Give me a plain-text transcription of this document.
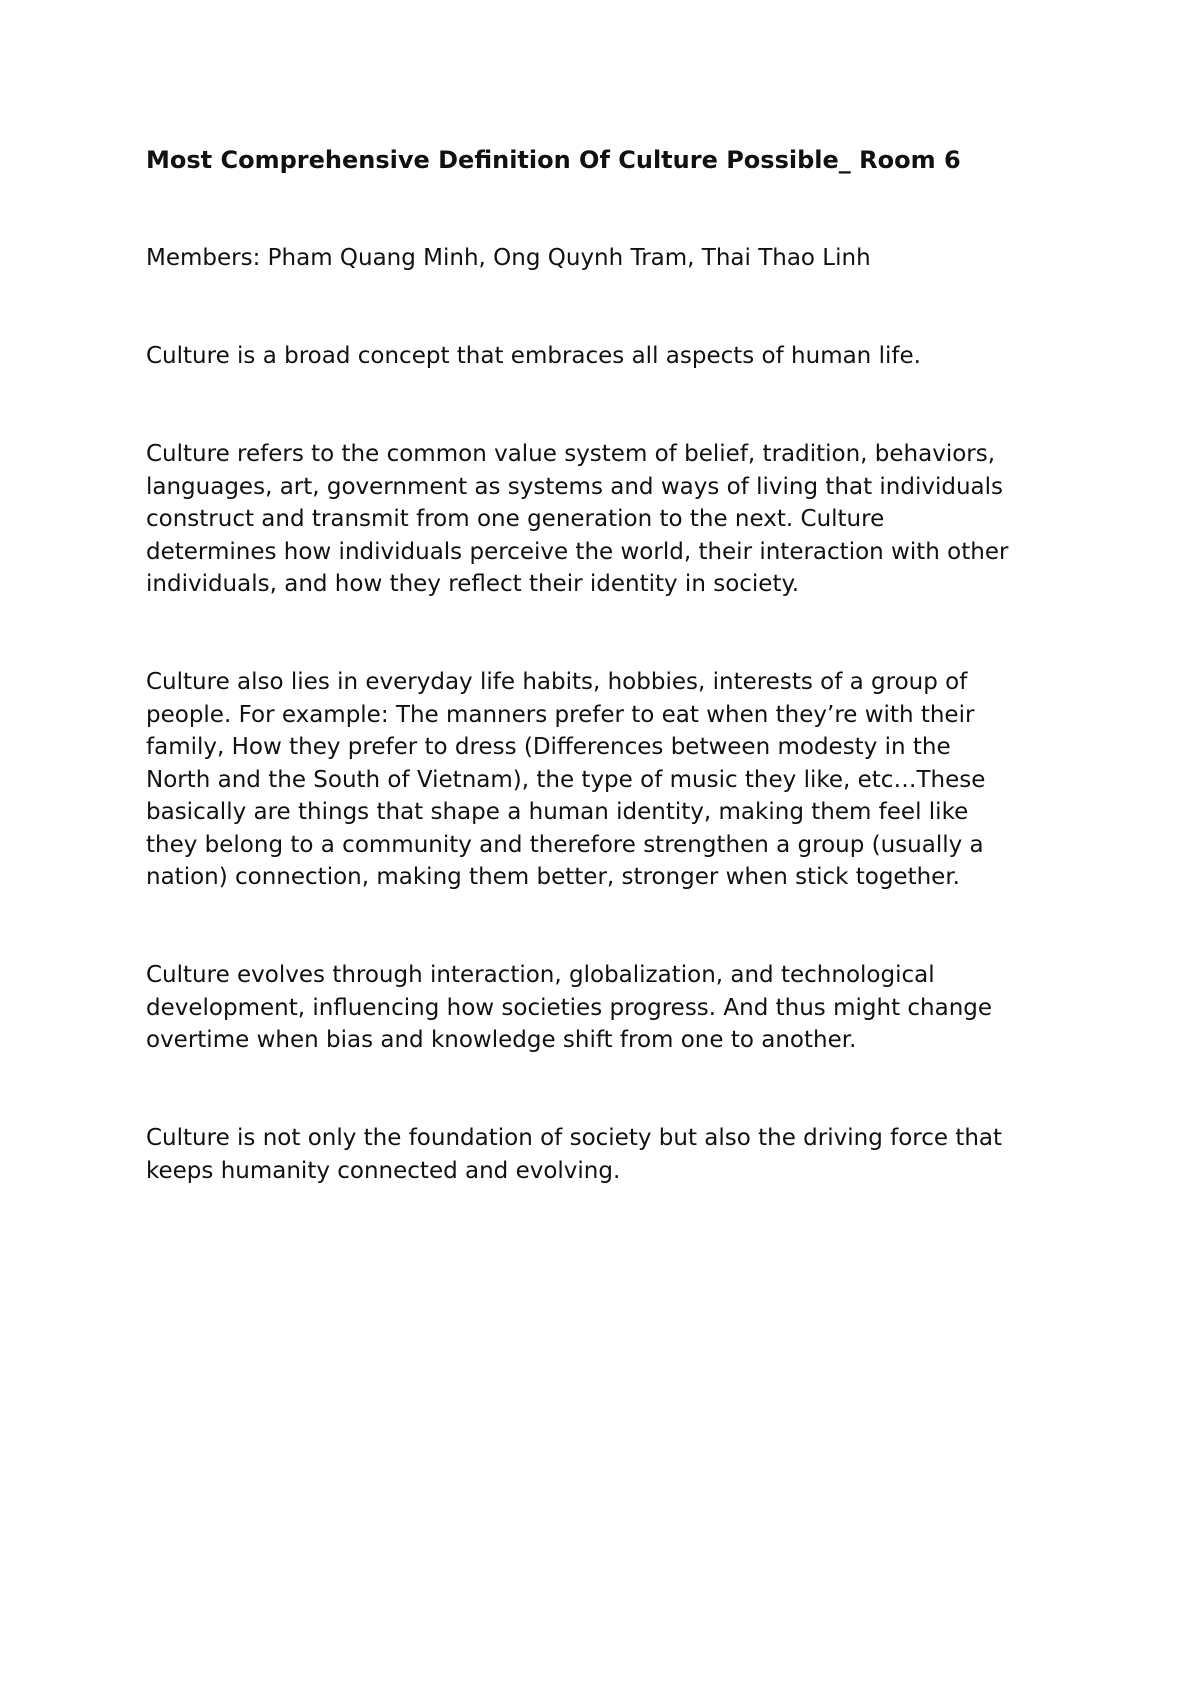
Most Comprehensive Definition Of Culture Possible_ Room 6

Members: Pham Quang Minh, Ong Quynh Tram, Thai Thao Linh

Culture is a broad concept that embraces all aspects of human life.

Culture refers to the common value system of belief, tradition, behaviors,
languages, art, government as systems and ways of living that individuals
construct and transmit from one generation to the next. Culture
determines how individuals perceive the world, their interaction with other
individuals, and how they reflect their identity in society.

Culture also lies in everyday life habits, hobbies, interests of a group of
people. For example: The manners prefer to eat when they’re with their
family, How they prefer to dress (Differences between modesty in the
North and the South of Vietnam), the type of music they like, etc…These
basically are things that shape a human identity, making them feel like
they belong to a community and therefore strengthen a group (usually a
nation) connection, making them better, stronger when stick together.

Culture evolves through interaction, globalization, and technological
development, influencing how societies progress. And thus might change
overtime when bias and knowledge shift from one to another.

Culture is not only the foundation of society but also the driving force that
keeps humanity connected and evolving.
